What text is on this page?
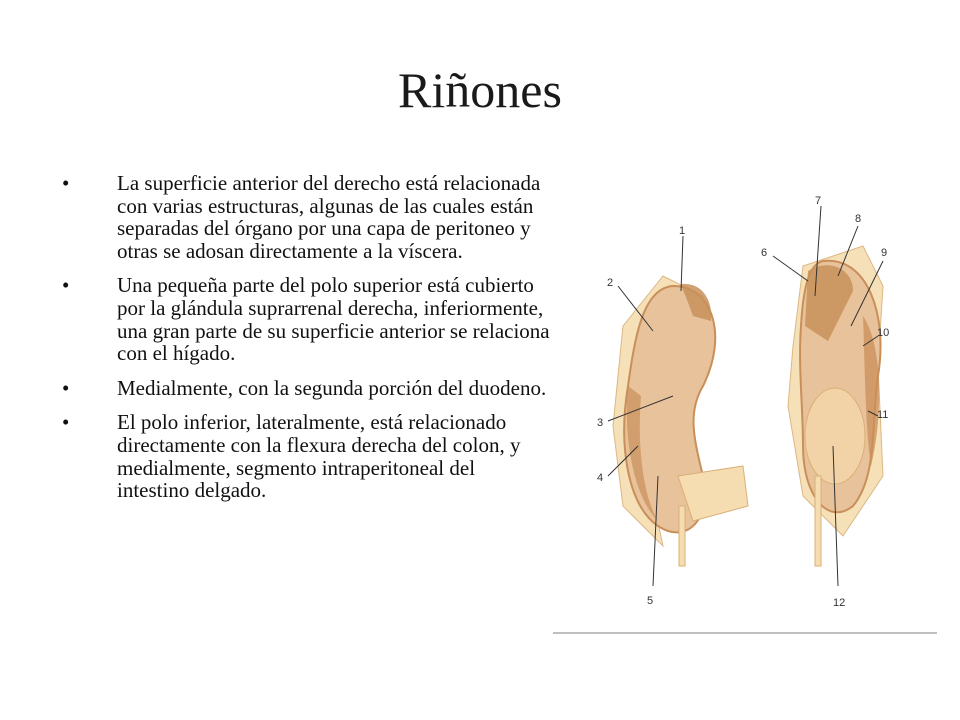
Riñones
•	La superficie anterior del derecho está relacionada con varias estructuras, algunas de las cuales están separadas del órgano por una capa de peritoneo y otras se adosan directamente a la víscera.
•	Una pequeña parte del polo superior está cubierto por la glándula suprarrenal derecha, inferiormente, una gran parte de su superficie anterior se relaciona con el hígado.
•	Medialmente, con la segunda porción del duodeno.
•	El polo inferior, lateralmente, está relacionado directamente con la flexura derecha del colon, y medialmente, segmento intraperitoneal del intestino delgado.
1
2
3
4
5
6
7
8
9
10
11
12
